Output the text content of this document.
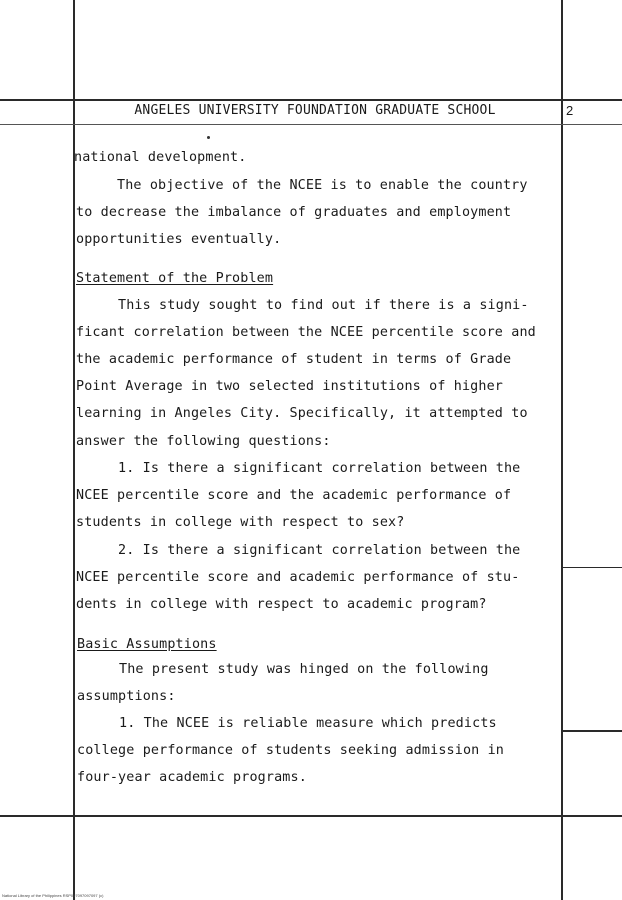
ANGELES UNIVERSITY FOUNDATION GRADUATE SCHOOL	2
national development.
The objective of the NCEE is to enable the country
to decrease the imbalance of graduates and employment
opportunities eventually.
Statement of the Problem
This study sought to find out if there is a signi-
ficant correlation between the NCEE percentile score and
the academic performance of student in terms of Grade
Point Average in two selected institutions of higher
learning in Angeles City. Specifically, it attempted to
answer the following questions:
1. Is there a significant correlation between the
NCEE percentile score and the academic performance of
students in college with respect to sex?
2. Is there a significant correlation between the
NCEE percentile score and academic performance of stu-
dents in college with respect to academic program?
Basic Assumptions
The present study was hinged on the following
assumptions:
1. The NCEE is reliable measure which predicts
college performance of students seeking admission in
four-year academic programs.
National Library of the Philippines RSP097097097097 (c)
